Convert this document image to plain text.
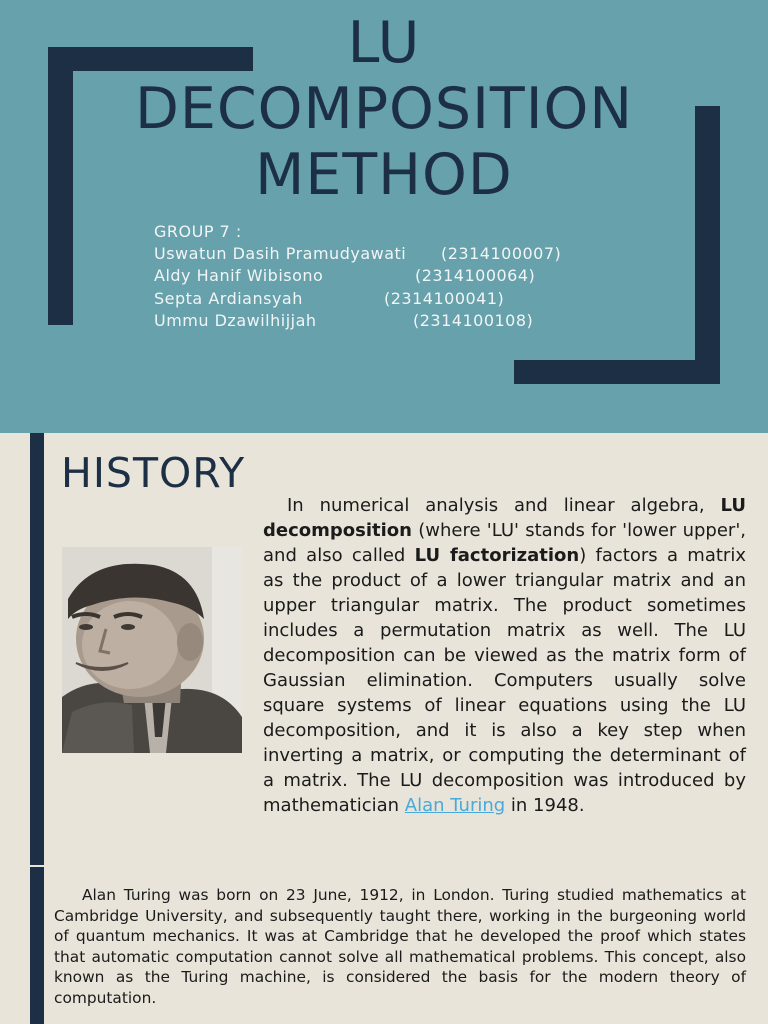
LU
DECOMPOSITION
METHOD
GROUP 7 :
Uswatun Dasih Pramudyawati (2314100007)
Aldy Hanif Wibisono	(2314100064)
Septa Ardiansyah	(2314100041)
Ummu Dzawilhijjah	(2314100108)
HISTORY
In numerical analysis and linear algebra, LU decomposition (where 'LU' stands for 'lower upper', and also called LU factorization) factors a matrix as the product of a lower triangular matrix and an upper triangular matrix. The product sometimes includes a permutation matrix as well. The LU decomposition can be viewed as the matrix form of Gaussian elimination. Computers usually solve square systems of linear equations using the LU decomposition, and it is also a key step when inverting a matrix, or computing the determinant of a matrix. The LU decomposition was introduced by mathematician Alan Turing in 1948.
Alan Turing was born on 23 June, 1912, in London. Turing studied mathematics at Cambridge University, and subsequently taught there, working in the burgeoning world of quantum mechanics. It was at Cambridge that he developed the proof which states that automatic computation cannot solve all mathematical problems. This concept, also known as the Turing machine, is considered the basis for the modern theory of computation.
